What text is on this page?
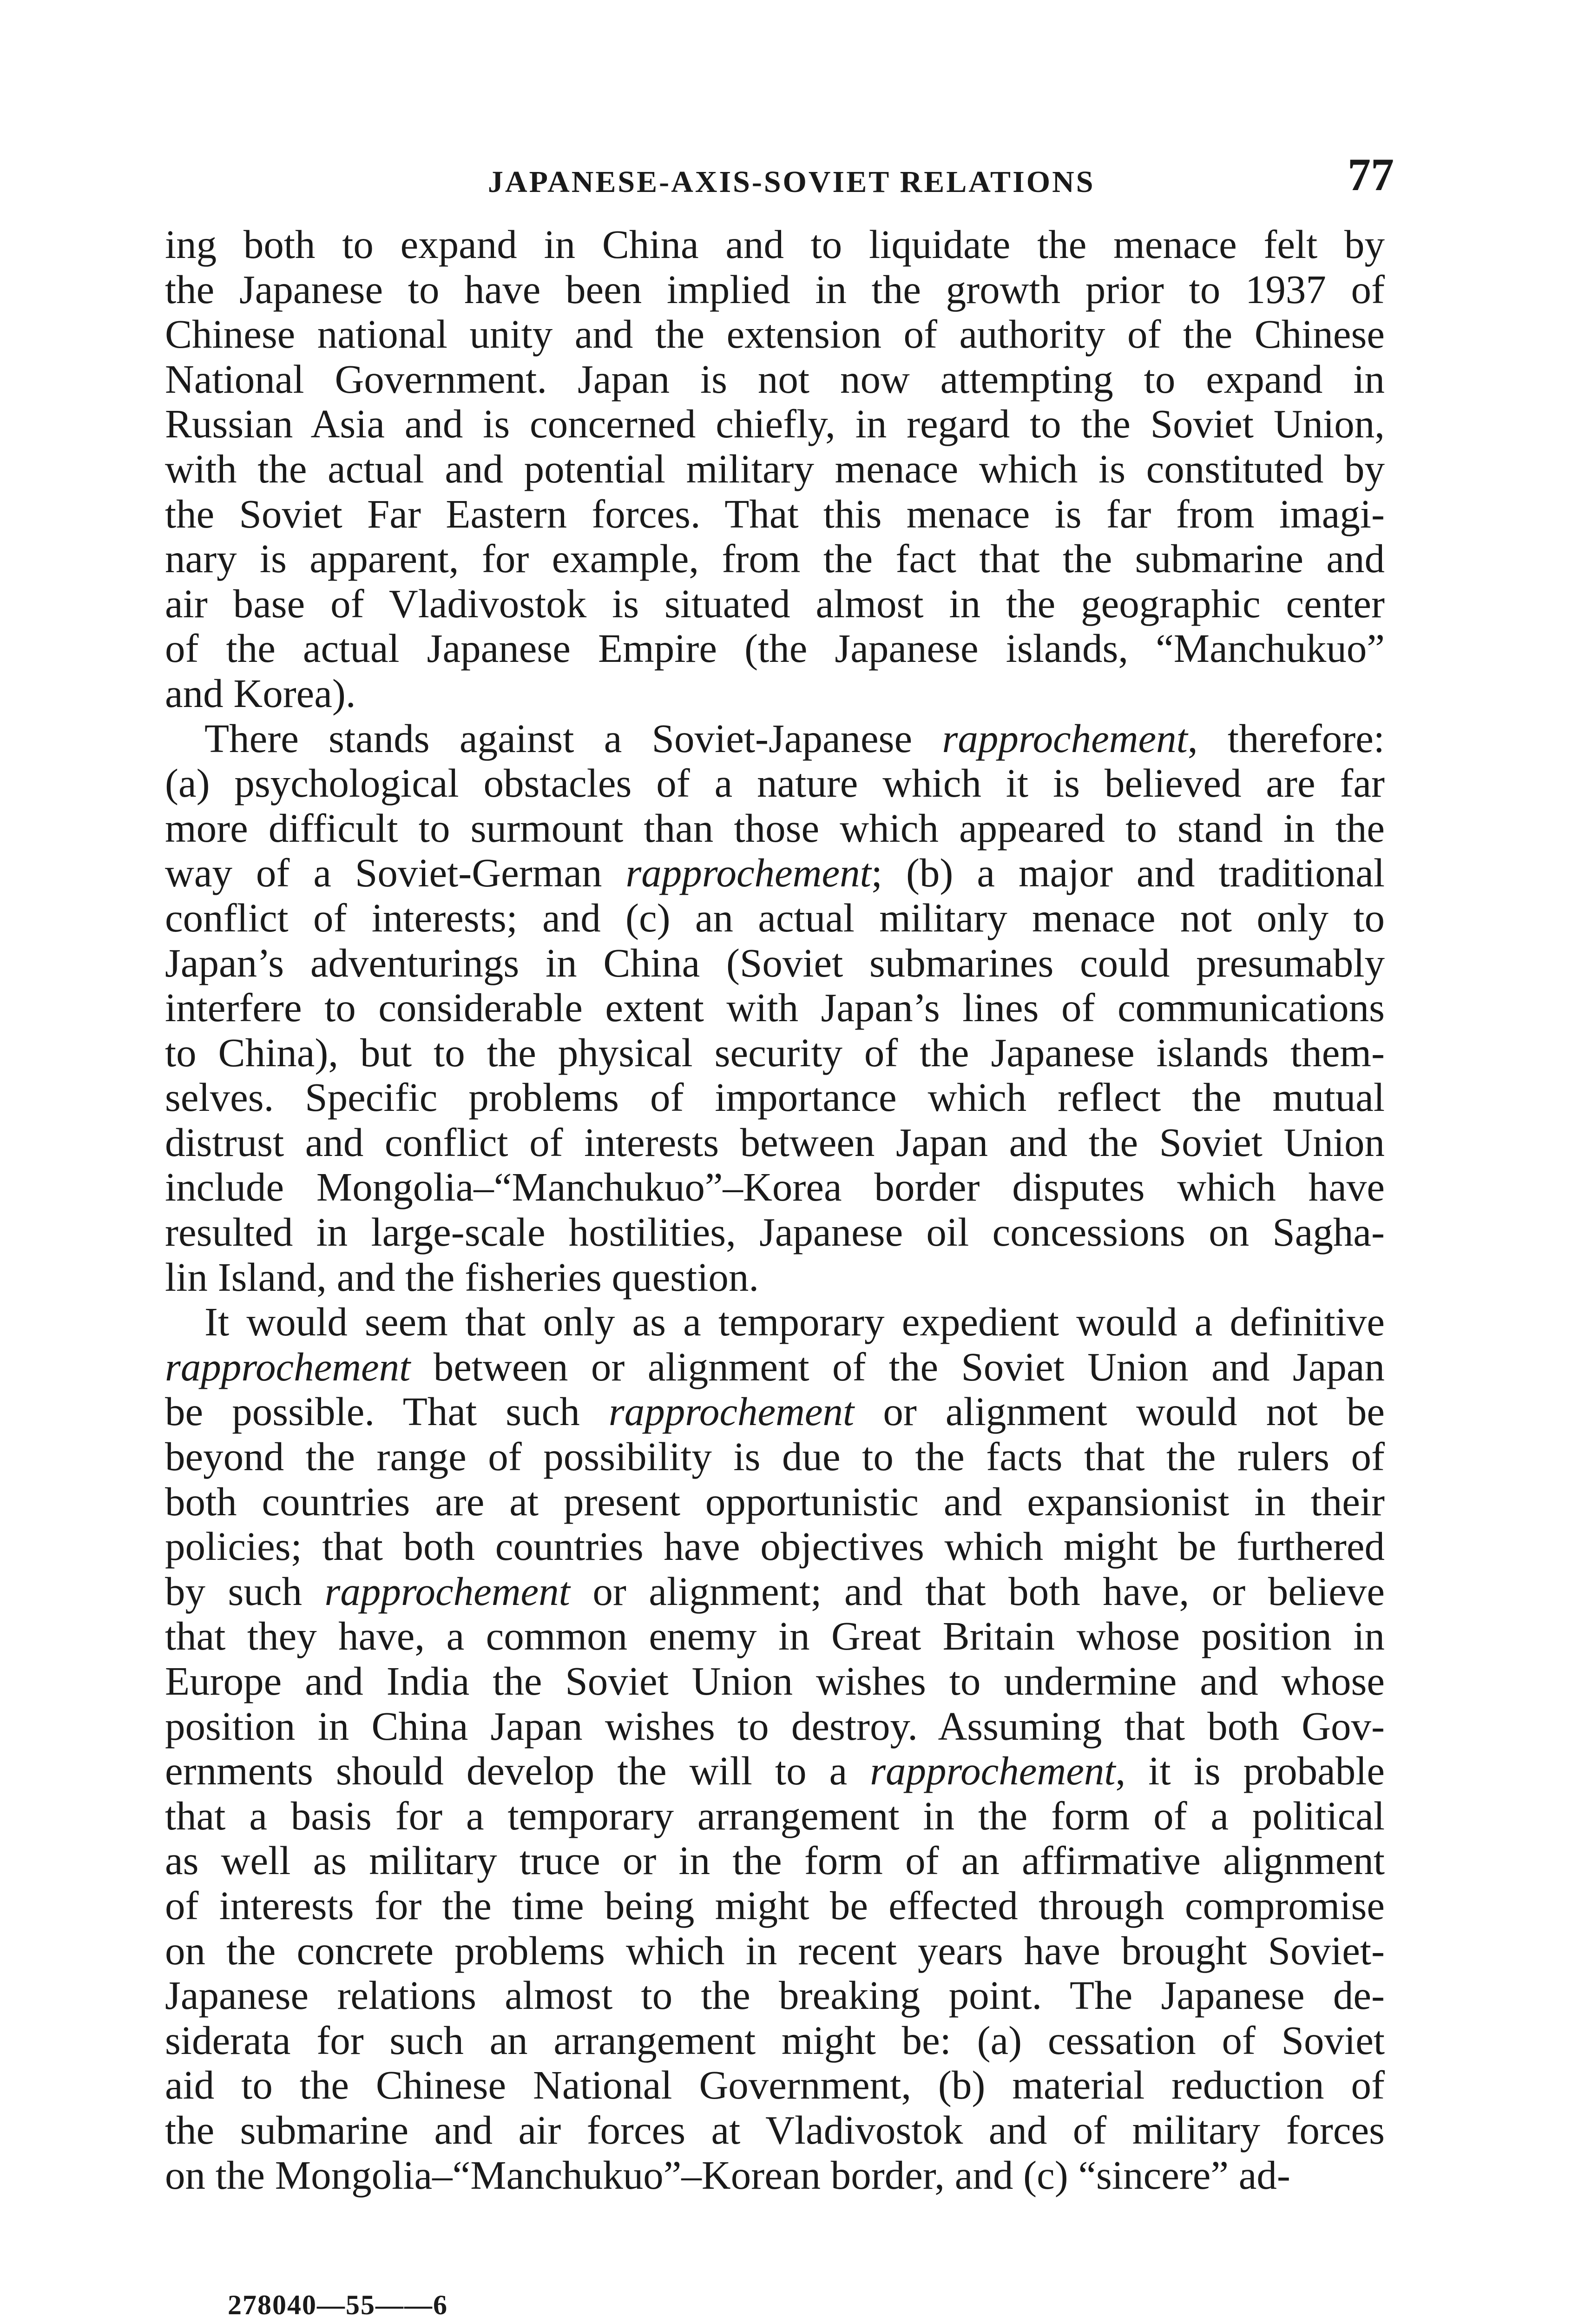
JAPANESE-AXIS-SOVIET RELATIONS	77
ing both to expand in China and to liquidate the menace felt by
the Japanese to have been implied in the growth prior to 1937 of
Chinese national unity and the extension of authority of the Chinese
National Government. Japan is not now attempting to expand in
Russian Asia and is concerned chiefly, in regard to the Soviet Union,
with the actual and potential military menace which is constituted by
the Soviet Far Eastern forces. That this menace is far from imagi-
nary is apparent, for example, from the fact that the submarine and
air base of Vladivostok is situated almost in the geographic center
of the actual Japanese Empire (the Japanese islands, “Manchukuo”
and Korea).
There stands against a Soviet-Japanese rapprochement, therefore:
(a) psychological obstacles of a nature which it is believed are far
more difficult to surmount than those which appeared to stand in the
way of a Soviet-German rapprochement; (b) a major and traditional
conflict of interests; and (c) an actual military menace not only to
Japan’s adventurings in China (Soviet submarines could presumably
interfere to considerable extent with Japan’s lines of communications
to China), but to the physical security of the Japanese islands them-
selves. Specific problems of importance which reflect the mutual
distrust and conflict of interests between Japan and the Soviet Union
include Mongolia–“Manchukuo”–Korea border disputes which have
resulted in large-scale hostilities, Japanese oil concessions on Sagha-
lin Island, and the fisheries question.
It would seem that only as a temporary expedient would a definitive
rapprochement between or alignment of the Soviet Union and Japan
be possible. That such rapprochement or alignment would not be
beyond the range of possibility is due to the facts that the rulers of
both countries are at present opportunistic and expansionist in their
policies; that both countries have objectives which might be furthered
by such rapprochement or alignment; and that both have, or believe
that they have, a common enemy in Great Britain whose position in
Europe and India the Soviet Union wishes to undermine and whose
position in China Japan wishes to destroy. Assuming that both Gov-
ernments should develop the will to a rapprochement, it is probable
that a basis for a temporary arrangement in the form of a political
as well as military truce or in the form of an affirmative alignment
of interests for the time being might be effected through compromise
on the concrete problems which in recent years have brought Soviet-
Japanese relations almost to the breaking point. The Japanese de-
siderata for such an arrangement might be: (a) cessation of Soviet
aid to the Chinese National Government, (b) material reduction of
the submarine and air forces at Vladivostok and of military forces
on the Mongolia–“Manchukuo”–Korean border, and (c) “sincere” ad-
278040—55——6
